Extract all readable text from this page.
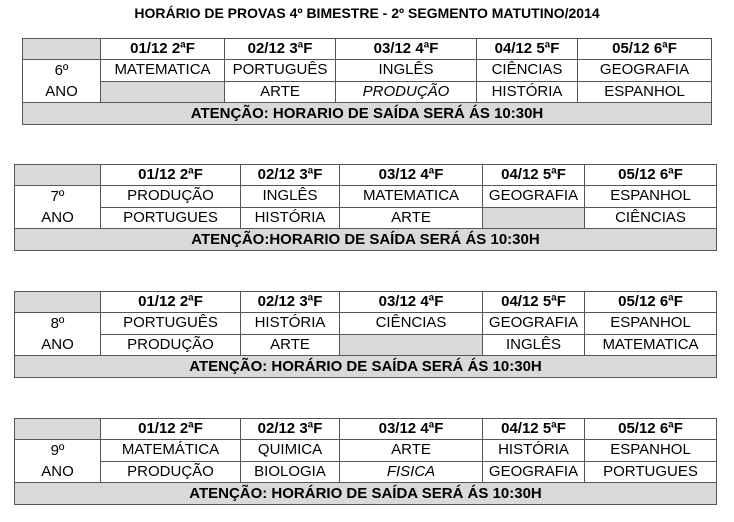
HORÁRIO DE PROVAS 4º BIMESTRE - 2º SEGMENTO MATUTINO/2014
	01/12 2ªF	02/12 3ªF	03/12 4ªF	04/12 5ªF	05/12 6ªF

6º
ANO	MATEMATICA	PORTUGUÊS	INGLÊS	CIÊNCIAS	GEOGRAFIA
		ARTE	PRODUÇÃO	HISTÓRIA	ESPANHOL
ATENÇÃO: HORARIO DE SAÍDA SERÁ ÁS 10:30H					
	01/12 2ªF	02/12 3ªF	03/12 4ªF	04/12 5ªF	05/12 6ªF

7º
ANO	PRODUÇÃO	INGLÊS	MATEMATICA	GEOGRAFIA	ESPANHOL
	PORTUGUES	HISTÓRIA	ARTE		CIÊNCIAS
ATENÇÃO:HORARIO DE SAÍDA SERÁ ÁS 10:30H					
	01/12 2ªF	02/12 3ªF	03/12 4ªF	04/12 5ªF	05/12 6ªF

8º
ANO	PORTUGUÊS	HISTÓRIA	CIÊNCIAS	GEOGRAFIA	ESPANHOL
	PRODUÇÃO	ARTE		INGLÊS	MATEMATICA
ATENÇÃO: HORÁRIO DE SAÍDA SERÁ ÁS 10:30H					
	01/12 2ªF	02/12 3ªF	03/12 4ªF	04/12 5ªF	05/12 6ªF

9º
ANO	MATEMÁTICA	QUIMICA	ARTE	HISTÓRIA	ESPANHOL
	PRODUÇÃO	BIOLOGIA	FISICA	GEOGRAFIA	PORTUGUES
ATENÇÃO: HORÁRIO DE SAÍDA SERÁ ÁS 10:30H					
